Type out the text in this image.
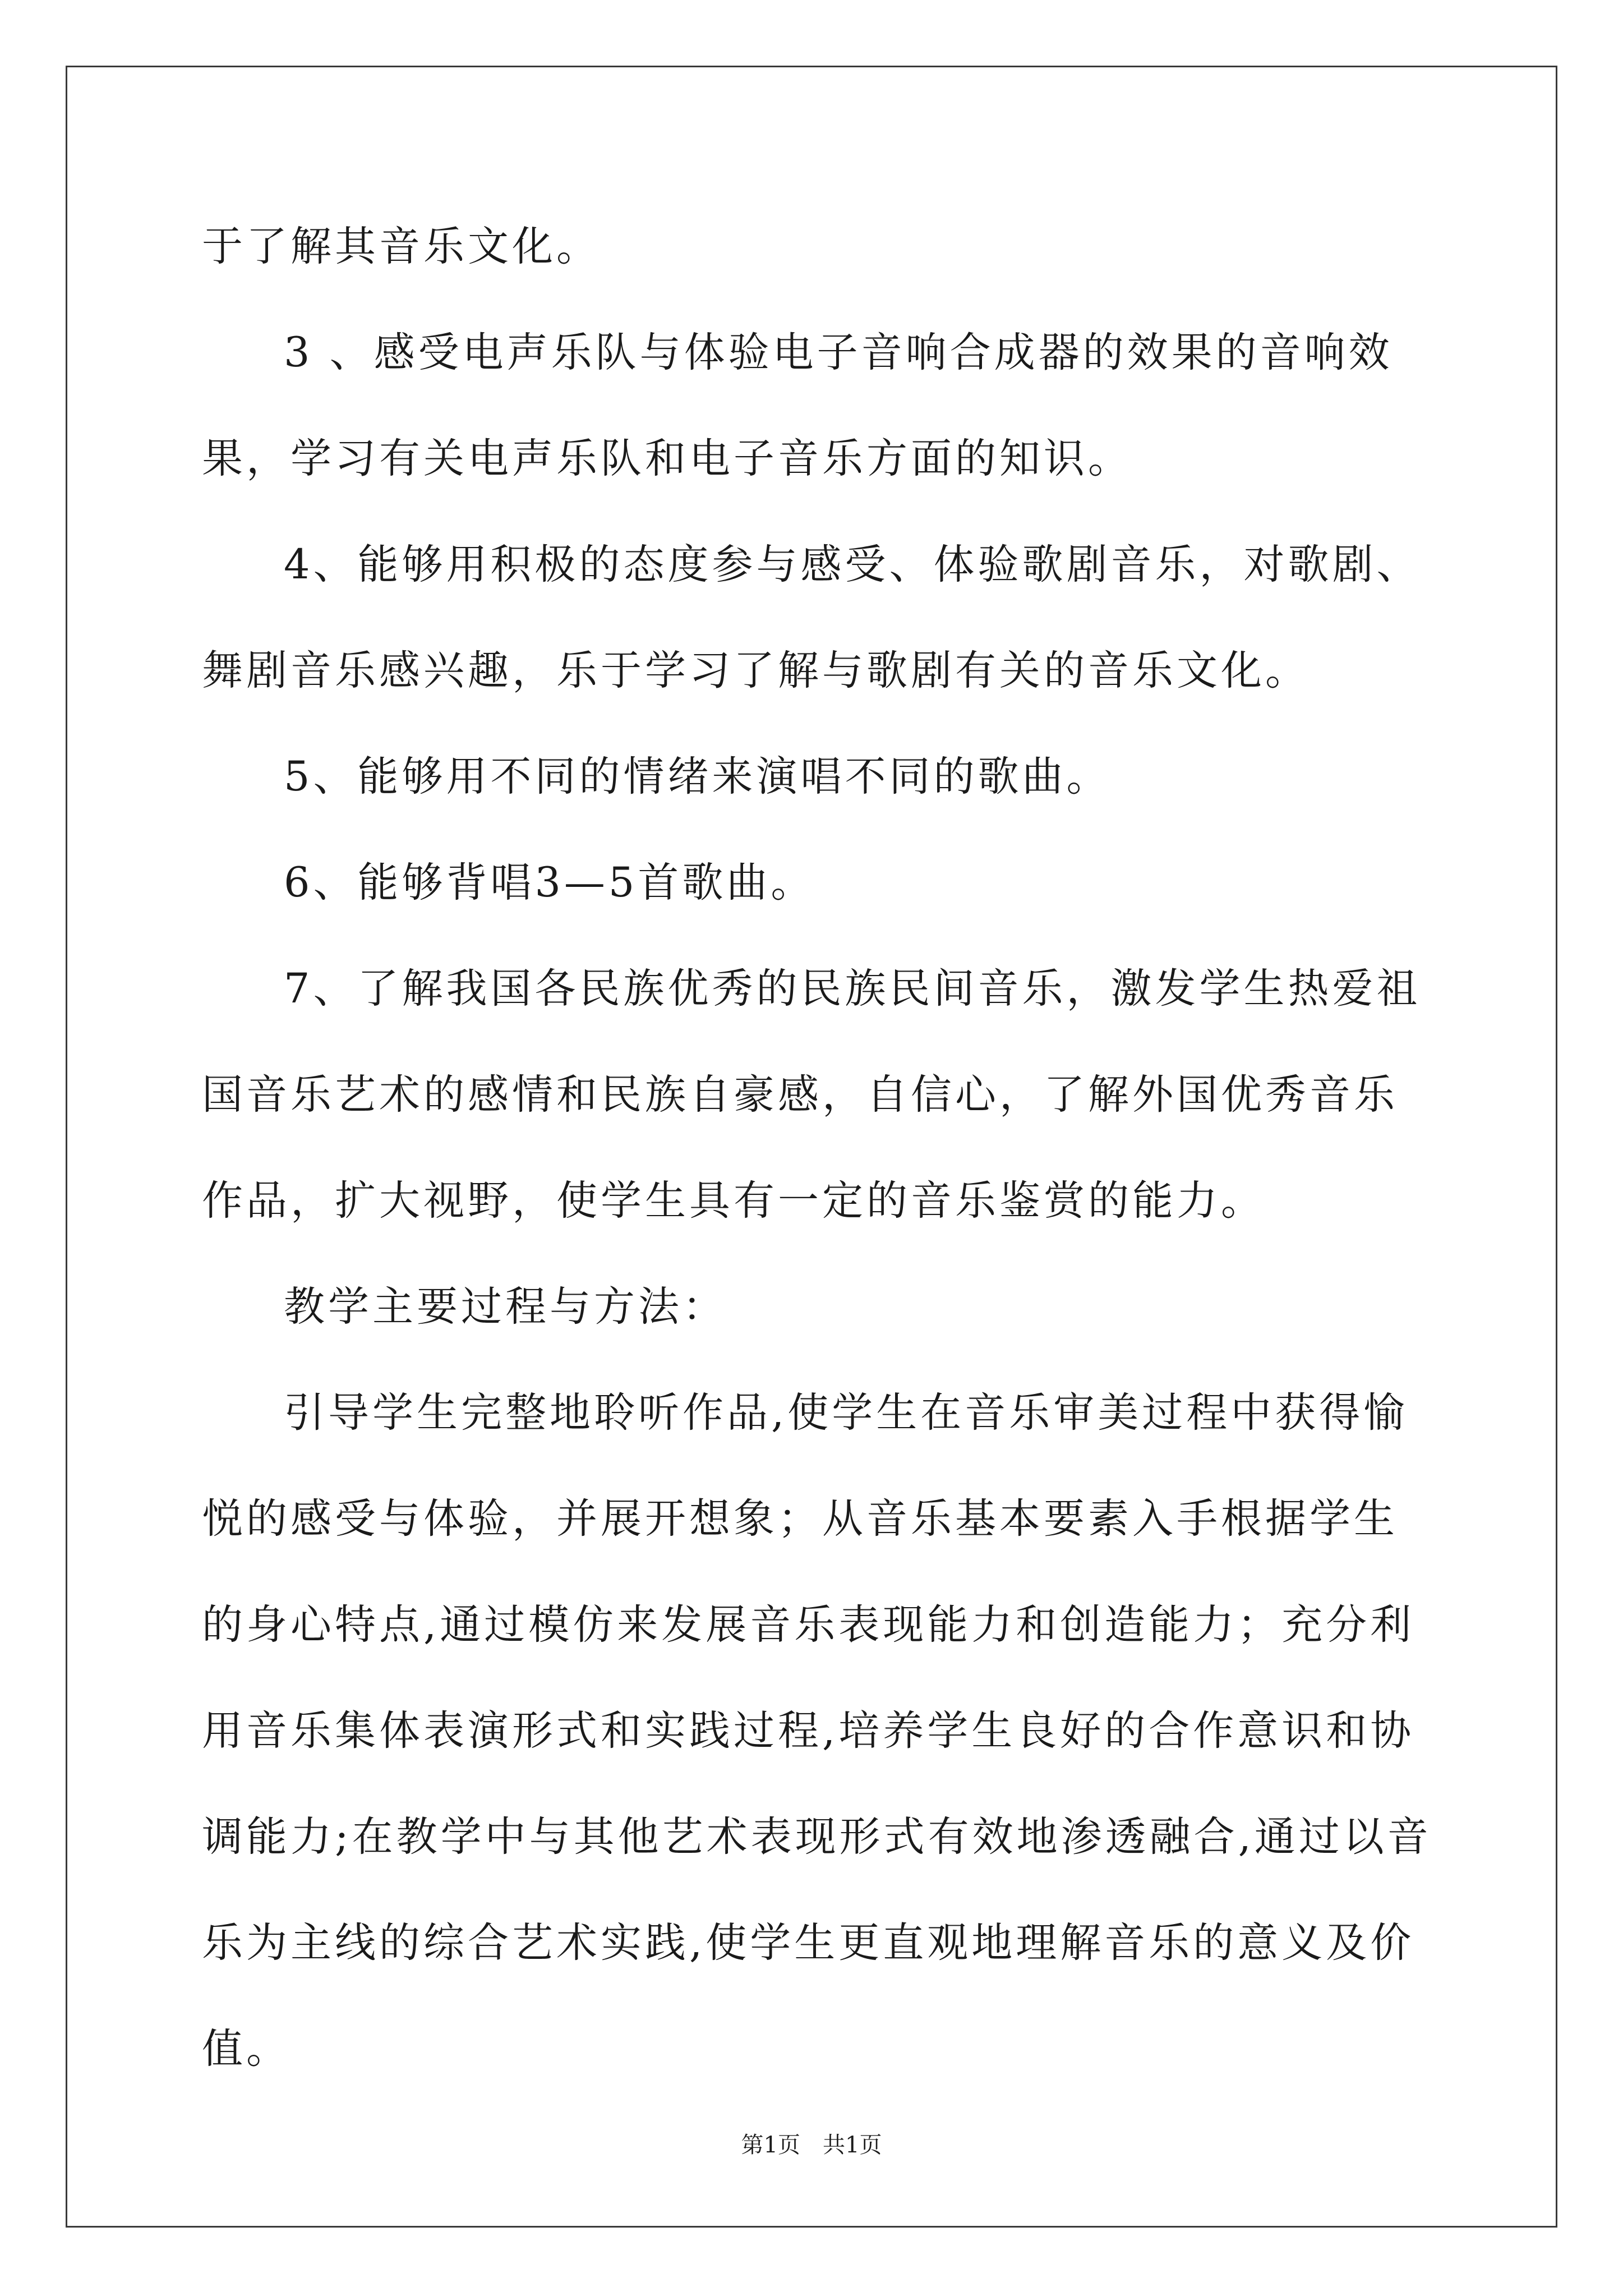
于了解其音乐文化。

3 、感受电声乐队与体验电子音响合成器的效果的音响效果，学习有关电声乐队和电子音乐方面的知识。

4、能够用积极的态度参与感受、体验歌剧音乐，对歌剧、舞剧音乐感兴趣，乐于学习了解与歌剧有关的音乐文化。

5、能够用不同的情绪来演唱不同的歌曲。

6、能够背唱3—5首歌曲。

7、了解我国各民族优秀的民族民间音乐，激发学生热爱祖国音乐艺术的感情和民族自豪感，自信心，了解外国优秀音乐作品，扩大视野，使学生具有一定的音乐鉴赏的能力。

教学主要过程与方法：

引导学生完整地聆听作品,使学生在音乐审美过程中获得愉悦的感受与体验，并展开想象；从音乐基本要素入手根据学生的身心特点,通过模仿来发展音乐表现能力和创造能力；充分利用音乐集体表演形式和实践过程,培养学生良好的合作意识和协调能力;在教学中与其他艺术表现形式有效地渗透融合,通过以音乐为主线的综合艺术实践,使学生更直观地理解音乐的意义及价值。

第1页 共1页
